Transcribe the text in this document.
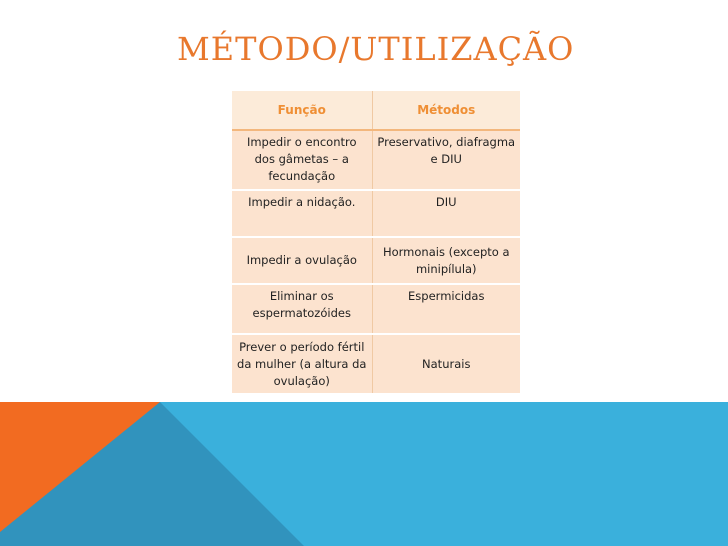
MÉTODO/UTILIZAÇÃO
Função	Métodos
Impedir o encontro dos gâmetas – a fecundação	Preservativo, diafragma e DIU
Impedir a nidação.	DIU
Impedir a ovulação	Hormonais (excepto a minipílula)
Eliminar os espermatozóides	Espermicidas
Prever o período fértil da mulher (a altura da ovulação)	Naturais
